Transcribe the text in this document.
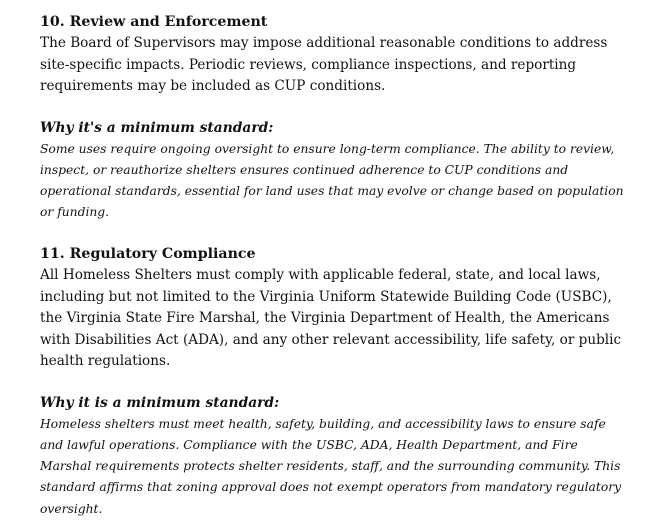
10. Review and Enforcement

The Board of Supervisors may impose additional reasonable conditions to address site-specific impacts. Periodic reviews, compliance inspections, and reporting requirements may be included as CUP conditions.

Why it's a minimum standard:

Some uses require ongoing oversight to ensure long-term compliance. The ability to review, inspect, or reauthorize shelters ensures continued adherence to CUP conditions and operational standards, essential for land uses that may evolve or change based on population or funding.

11. Regulatory Compliance

All Homeless Shelters must comply with applicable federal, state, and local laws, including but not limited to the Virginia Uniform Statewide Building Code (USBC), the Virginia State Fire Marshal, the Virginia Department of Health, the Americans with Disabilities Act (ADA), and any other relevant accessibility, life safety, or public health regulations.

Why it is a minimum standard:

Homeless shelters must meet health, safety, building, and accessibility laws to ensure safe and lawful operations. Compliance with the USBC, ADA, Health Department, and Fire Marshal requirements protects shelter residents, staff, and the surrounding community. This standard affirms that zoning approval does not exempt operators from mandatory regulatory oversight.
